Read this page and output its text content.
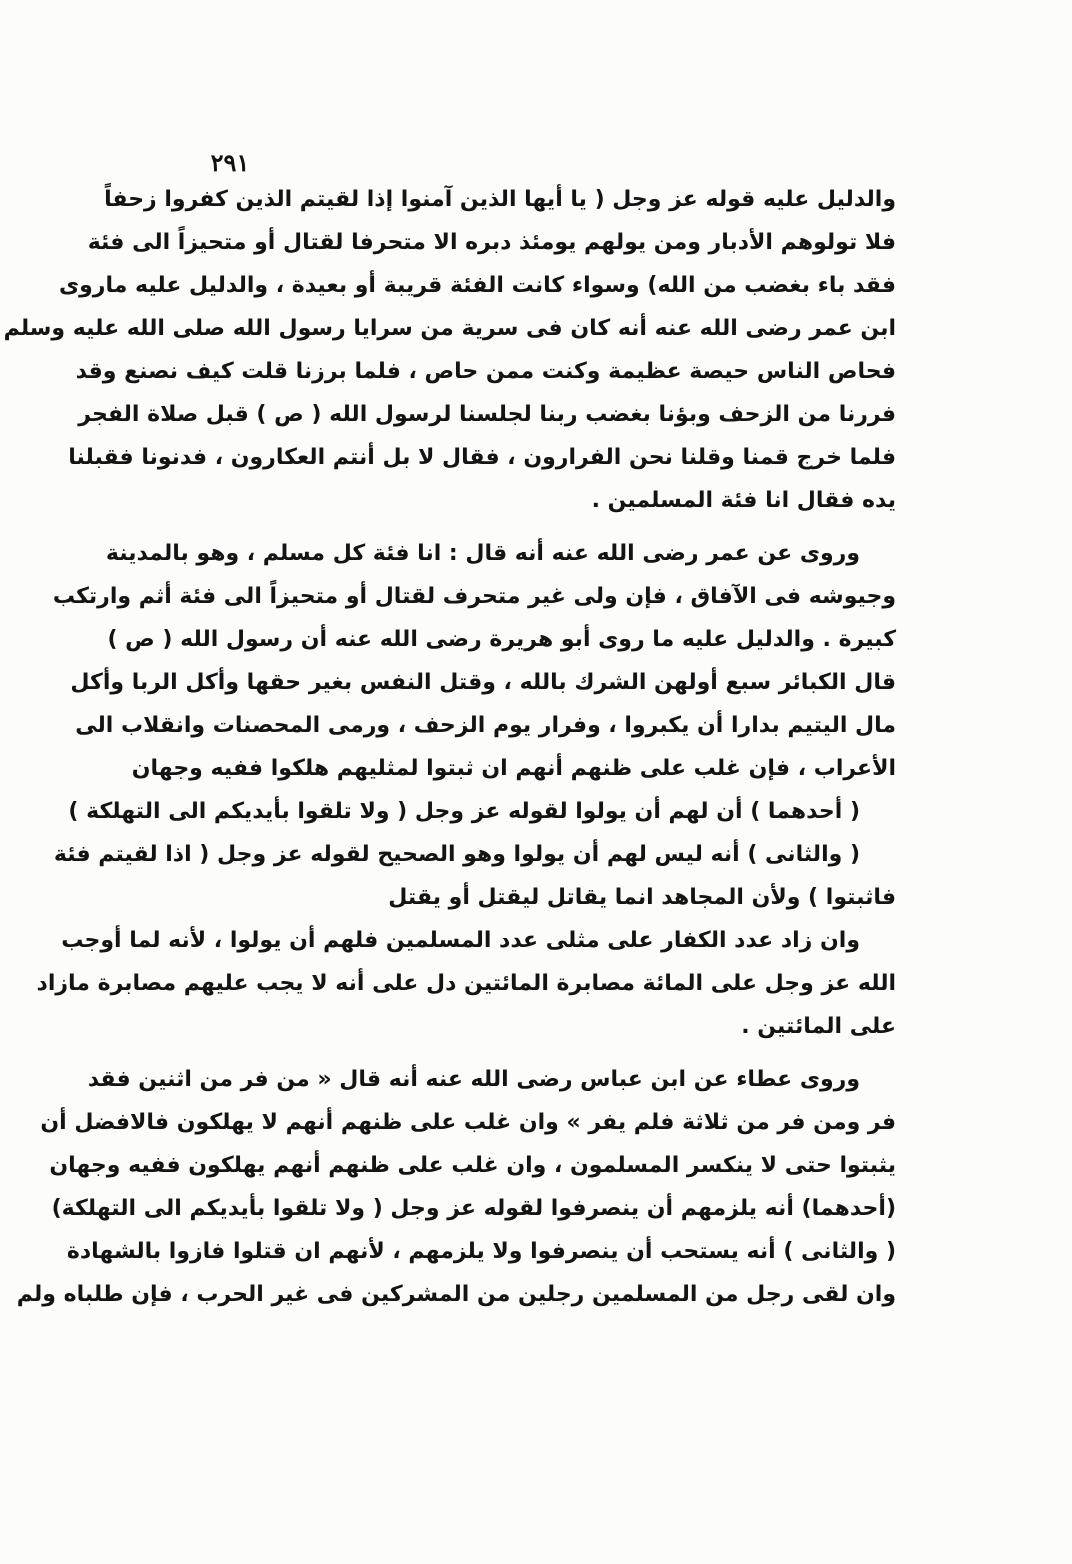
٢٩١
والدليل عليه قوله عز وجل ( يا أيها الذين آمنوا إذا لقيتم الذين كفروا زحفاً
فلا تولوهم الأدبار ومن يولهم يومئذ دبره الا متحرفا لقتال أو متحيزاً الى فئة
فقد باء بغضب من الله) وسواء كانت الفئة قريبة أو بعيدة ، والدليل عليه ماروى
ابن عمر رضى الله عنه أنه كان فى سرية من سرايا رسول الله صلى الله عليه وسلم
فحاص الناس حيصة عظيمة وكنت ممن حاص ، فلما برزنا قلت كيف نصنع وقد
فررنا من الزحف وبؤنا بغضب ربنا لجلسنا لرسول الله ( ص ) قبل صلاة الفجر
فلما خرج قمنا وقلنا نحن الفرارون ، فقال لا بل أنتم العكارون ، فدنونا فقبلنا
يده فقال انا فئة المسلمين .
وروى عن عمر رضى الله عنه أنه قال : انا فئة كل مسلم ، وهو بالمدينة
وجيوشه فى الآفاق ، فإن ولى غير متحرف لقتال أو متحيزاً الى فئة أثم وارتكب
كبيرة . والدليل عليه ما روى أبو هريرة رضى الله عنه أن رسول الله ( ص )
قال الكبائر سبع أولهن الشرك بالله ، وقتل النفس بغير حقها وأكل الربا وأكل
مال اليتيم بدارا أن يكبروا ، وفرار يوم الزحف ، ورمى المحصنات وانقلاب الى
الأعراب ، فإن غلب على ظنهم أنهم ان ثبتوا لمثليهم هلكوا ففيه وجهان
( أحدهما ) أن لهم أن يولوا لقوله عز وجل ( ولا تلقوا بأيديكم الى التهلكة )
( والثانى ) أنه ليس لهم أن يولوا وهو الصحيح لقوله عز وجل ( اذا لقيتم فئة
فاثبتوا ) ولأن المجاهد انما يقاتل ليقتل أو يقتل
وان زاد عدد الكفار على مثلى عدد المسلمين فلهم أن يولوا ، لأنه لما أوجب
الله عز وجل على المائة مصابرة المائتين دل على أنه لا يجب عليهم مصابرة مازاد
على المائتين .
وروى عطاء عن ابن عباس رضى الله عنه أنه قال « من فر من اثنين فقد
فر ومن فر من ثلاثة فلم يفر » وان غلب على ظنهم أنهم لا يهلكون فالافضل أن
يثبتوا حتى لا ينكسر المسلمون ، وان غلب على ظنهم أنهم يهلكون ففيه وجهان
(أحدهما) أنه يلزمهم أن ينصرفوا لقوله عز وجل ( ولا تلقوا بأيديكم الى التهلكة)
( والثانى ) أنه يستحب أن ينصرفوا ولا يلزمهم ، لأنهم ان قتلوا فازوا بالشهادة
وان لقى رجل من المسلمين رجلين من المشركين فى غير الحرب ، فإن طلباه ولم
